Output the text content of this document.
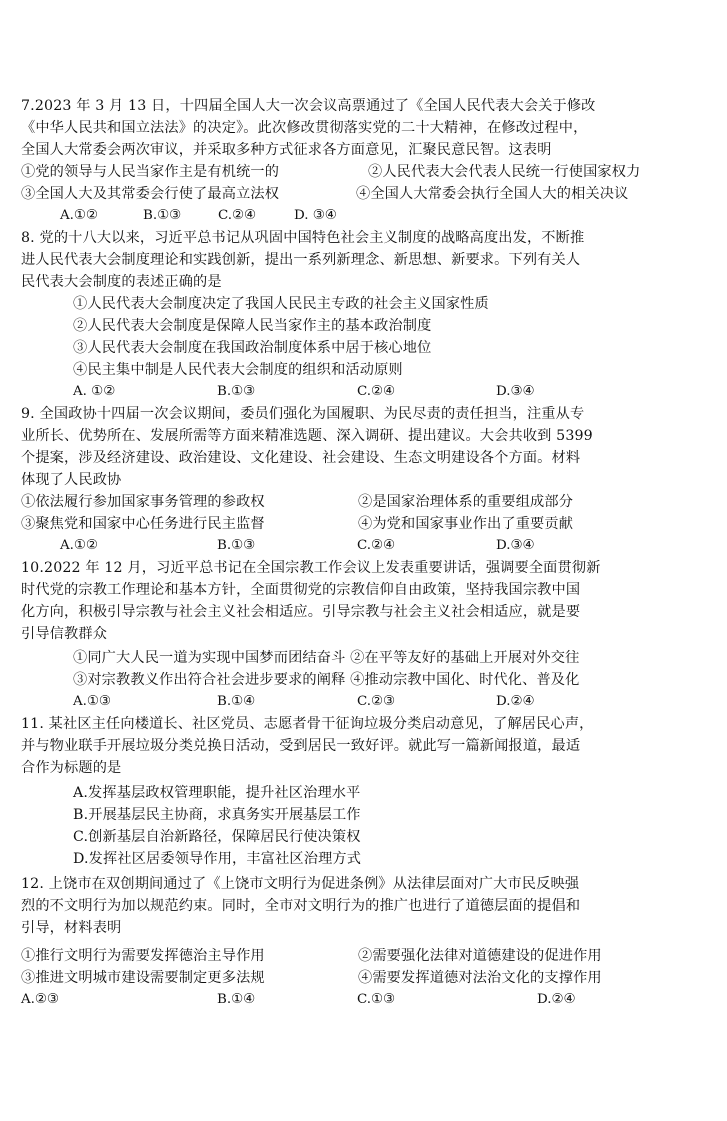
7.2023 年 3 月 13 日，十四届全国人大一次会议高票通过了《全国人民代表大会关于修改
《中华人民共和国立法法》的决定》。此次修改贯彻落实党的二十大精神，在修改过程中，
全国人大常委会两次审议，并采取多种方式征求各方面意见，汇聚民意民智。这表明
①党的领导与人民当家作主是有机统一的	②人民代表大会代表人民统一行使国家权力
③全国人大及其常委会行使了最高立法权	④全国人大常委会执行全国人大的相关决议
A.①②	B.①③	C.②④	D. ③④
8. 党的十八大以来，习近平总书记从巩固中国特色社会主义制度的战略高度出发，不断推
进人民代表大会制度理论和实践创新，提出一系列新理念、新思想、新要求。下列有关人
民代表大会制度的表述正确的是
①人民代表大会制度决定了我国人民民主专政的社会主义国家性质
②人民代表大会制度是保障人民当家作主的基本政治制度
③人民代表大会制度在我国政治制度体系中居于核心地位
④民主集中制是人民代表大会制度的组织和活动原则
A. ①②	B.①③	C.②④	D.③④
9. 全国政协十四届一次会议期间，委员们强化为国履职、为民尽责的责任担当，注重从专
业所长、优势所在、发展所需等方面来精准选题、深入调研、提出建议。大会共收到 5399
个提案，涉及经济建设、政治建设、文化建设、社会建设、生态文明建设各个方面。材料
体现了人民政协
①依法履行参加国家事务管理的参政权	②是国家治理体系的重要组成部分
③聚焦党和国家中心任务进行民主监督	④为党和国家事业作出了重要贡献
A.①②	B.①③	C.②④	D.③④
10.2022 年 12 月，习近平总书记在全国宗教工作会议上发表重要讲话，强调要全面贯彻新
时代党的宗教工作理论和基本方针，全面贯彻党的宗教信仰自由政策，坚持我国宗教中国
化方向，积极引导宗教与社会主义社会相适应。引导宗教与社会主义社会相适应，就是要
引导信教群众
①同广大人民一道为实现中国梦而团结奋斗 ②在平等友好的基础上开展对外交往
③对宗教教义作出符合社会进步要求的阐释 ④推动宗教中国化、时代化、普及化
A.①③	B.①④	C.②③	D.②④
11. 某社区主任向楼道长、社区党员、志愿者骨干征询垃圾分类启动意见，了解居民心声，
并与物业联手开展垃圾分类兑换日活动，受到居民一致好评。就此写一篇新闻报道，最适
合作为标题的是
A.发挥基层政权管理职能，提升社区治理水平
B.开展基层民主协商，求真务实开展基层工作
C.创新基层自治新路径，保障居民行使决策权
D.发挥社区居委领导作用，丰富社区治理方式
12. 上饶市在双创期间通过了《上饶市文明行为促进条例》从法律层面对广大市民反映强
烈的不文明行为加以规范约束。同时，全市对文明行为的推广也进行了道德层面的提倡和
引导，材料表明
①推行文明行为需要发挥德治主导作用	②需要强化法律对道德建设的促进作用
③推进文明城市建设需要制定更多法规	④需要发挥道德对法治文化的支撑作用
A.②③	B.①④	C.①③	D.②④
